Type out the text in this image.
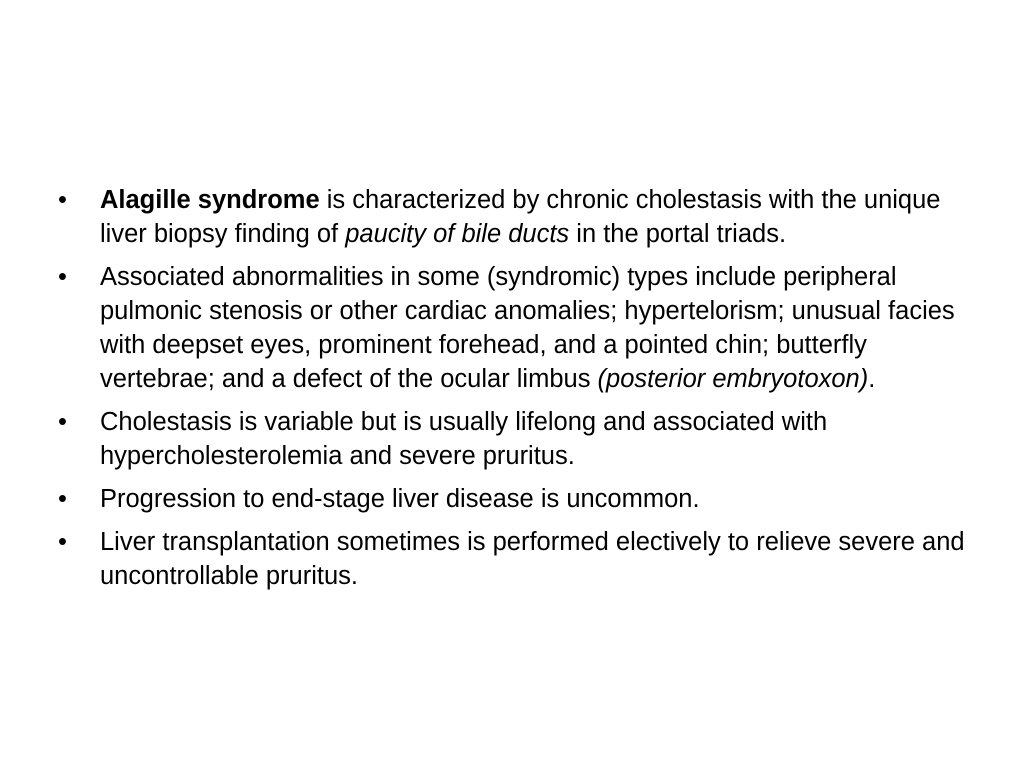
•	Alagille syndrome is characterized by chronic cholestasis with the unique liver biopsy finding of paucity of bile ducts in the portal triads.
•	Associated abnormalities in some (syndromic) types include peripheral pulmonic stenosis or other cardiac anomalies; hypertelorism; unusual facies with deepset eyes, prominent forehead, and a pointed chin; butterfly vertebrae; and a defect of the ocular limbus (posterior embryotoxon).
•	Cholestasis is variable but is usually lifelong and associated with hypercholesterolemia and severe pruritus.
•	Progression to end-stage liver disease is uncommon.
•	Liver transplantation sometimes is performed electively to relieve severe and uncontrollable pruritus.
